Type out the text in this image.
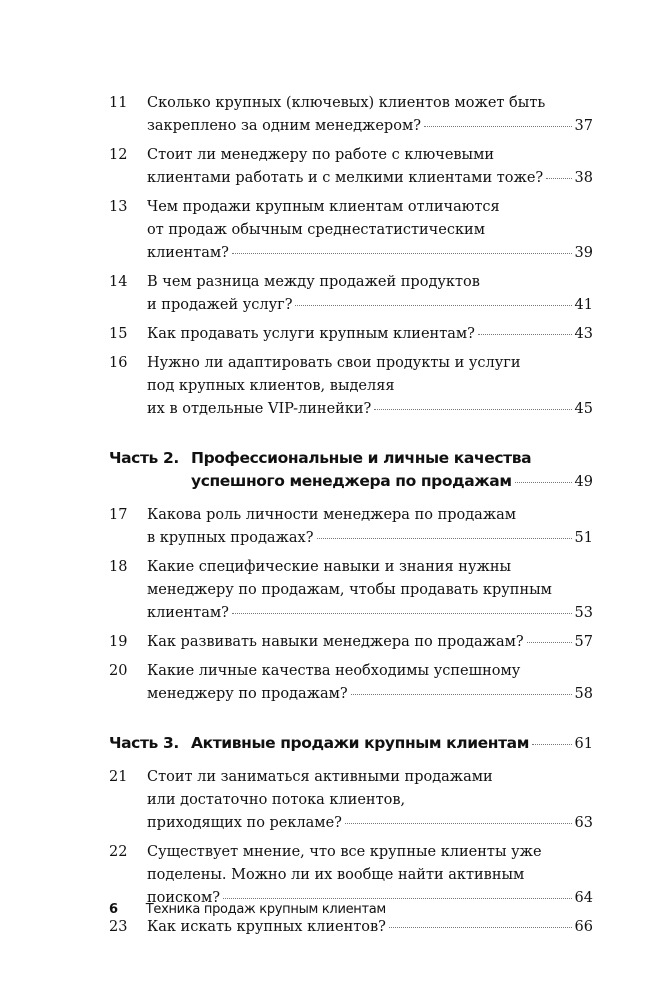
11	Сколько крупных (ключевых) клиентов может быть
закреплено за одним менеджером?	37
12	Стоит ли менеджеру по работе с ключевыми
клиентами работать и с мелкими клиентами тоже? 38
13	Чем продажи крупным клиентам отличаются
от продаж обычным среднестатистическим
клиентам?	39
14	В чем разница между продажей продуктов
и продажей услуг?	41
15	Как продавать услуги крупным клиентам?	43
16	Нужно ли адаптировать свои продукты и услуги
под крупных клиентов, выделяя
их в отдельные VIP-линейки?	45
Часть 2. Профессиональные и личные качества
успешного менеджера по продажам	49
17	Какова роль личности менеджера по продажам
в крупных продажах?	51
18	Какие специфические навыки и знания нужны
менеджеру по продажам, чтобы продавать крупным
клиентам?	53
19	Как развивать навыки менеджера по продажам?	57
20	Какие личные качества необходимы успешному
менеджеру по продажам?	58
Часть 3. Активные продажи крупным клиентам	61
21	Стоит ли заниматься активными продажами
или достаточно потока клиентов,
приходящих по рекламе?	63
22	Существует мнение, что все крупные клиенты уже
поделены. Можно ли их вообще найти активным
поиском?	64
23	Как искать крупных клиентов?	66
6 Техника продаж крупным клиентам
